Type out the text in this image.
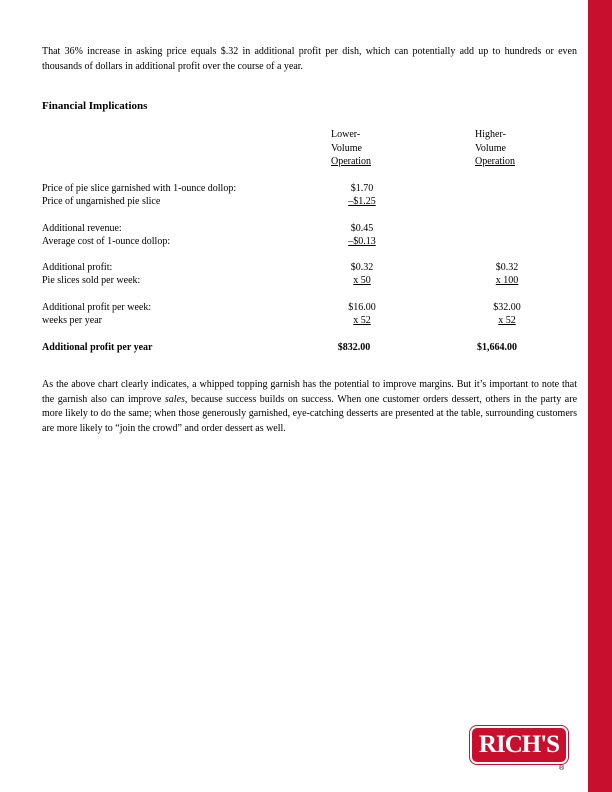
That 36% increase in asking price equals $.32 in additional profit per dish, which can potentially add up to hundreds or even thousands of dollars in additional profit over the course of a year.

Financial Implications
Lower-
Volume
Operation
Higher-
Volume
Operation
Price of pie slice garnished with 1-ounce dollop:	$1.70
Price of ungarnished pie slice	–$1.25
Additional revenue:	$0.45
Average cost of 1-ounce dollop:	–$0.13
Additional profit:	$0.32	$0.32
Pie slices sold per week:	x 50	x 100
Additional profit per week:	$16.00	$32.00
weeks per year	x 52	x 52
Additional profit per year	$832.00	$1,664.00

As the above chart clearly indicates, a whipped topping garnish has the potential to improve margins. But it’s important to note that the garnish also can improve sales, because success builds on success. When one customer orders dessert, others in the party are more likely to do the same; when those generously garnished, eye-catching desserts are presented at the table, surrounding customers are more likely to “join the crowd” and order dessert as well.

RICH'S
®
